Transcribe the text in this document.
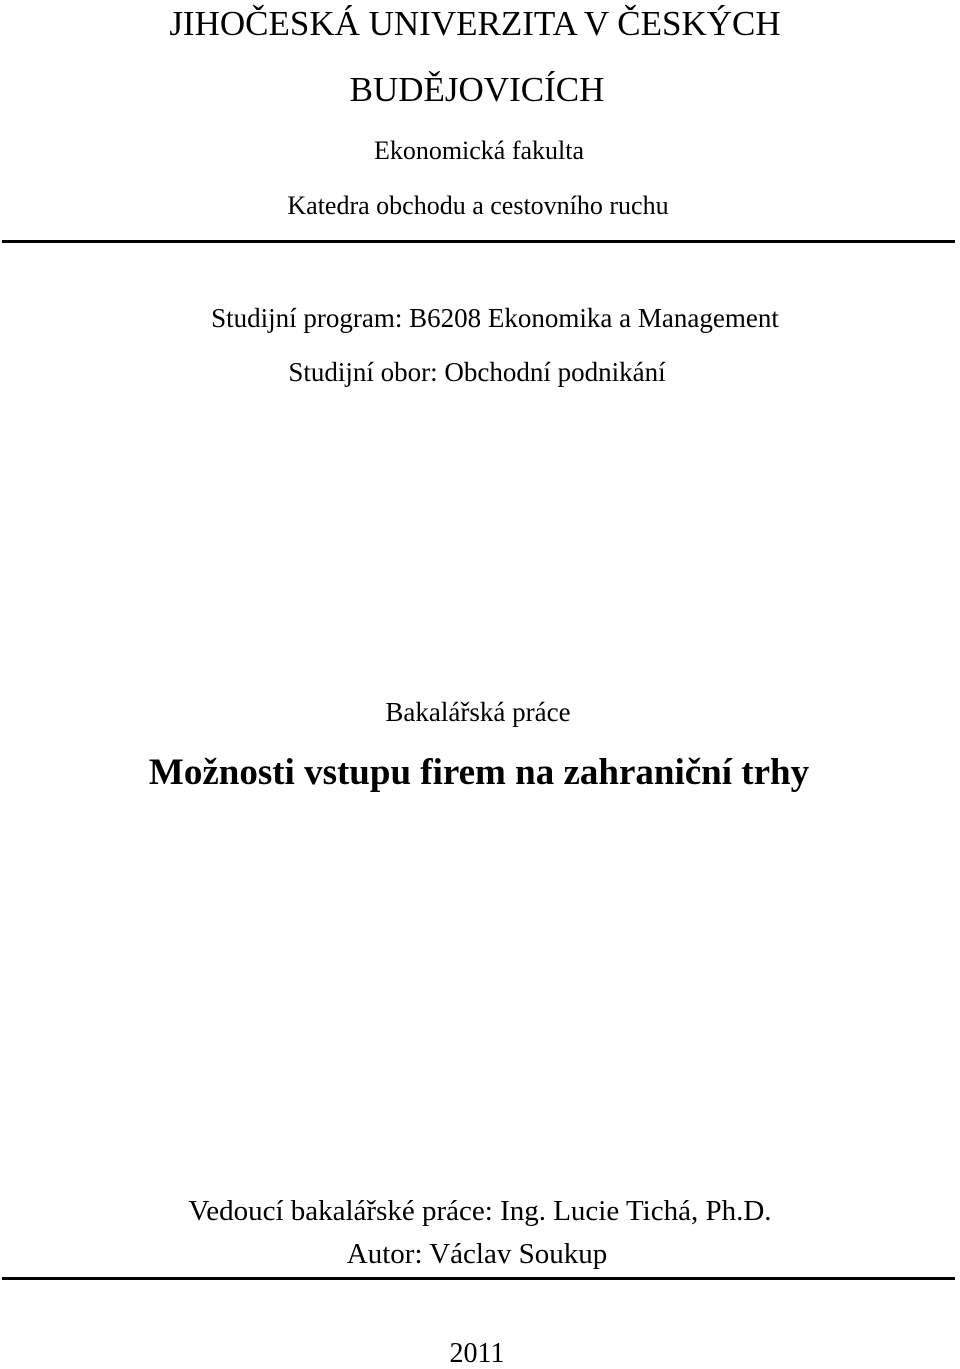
JIHOČESKÁ UNIVERZITA V ČESKÝCH
BUDĚJOVICÍCH
Ekonomická fakulta
Katedra obchodu a cestovního ruchu
Studijní program: B6208 Ekonomika a Management
Studijní obor: Obchodní podnikání
Bakalářská práce
Možnosti vstupu firem na zahraniční trhy
Vedoucí bakalářské práce: Ing. Lucie Tichá, Ph.D.
Autor: Václav Soukup
2011
